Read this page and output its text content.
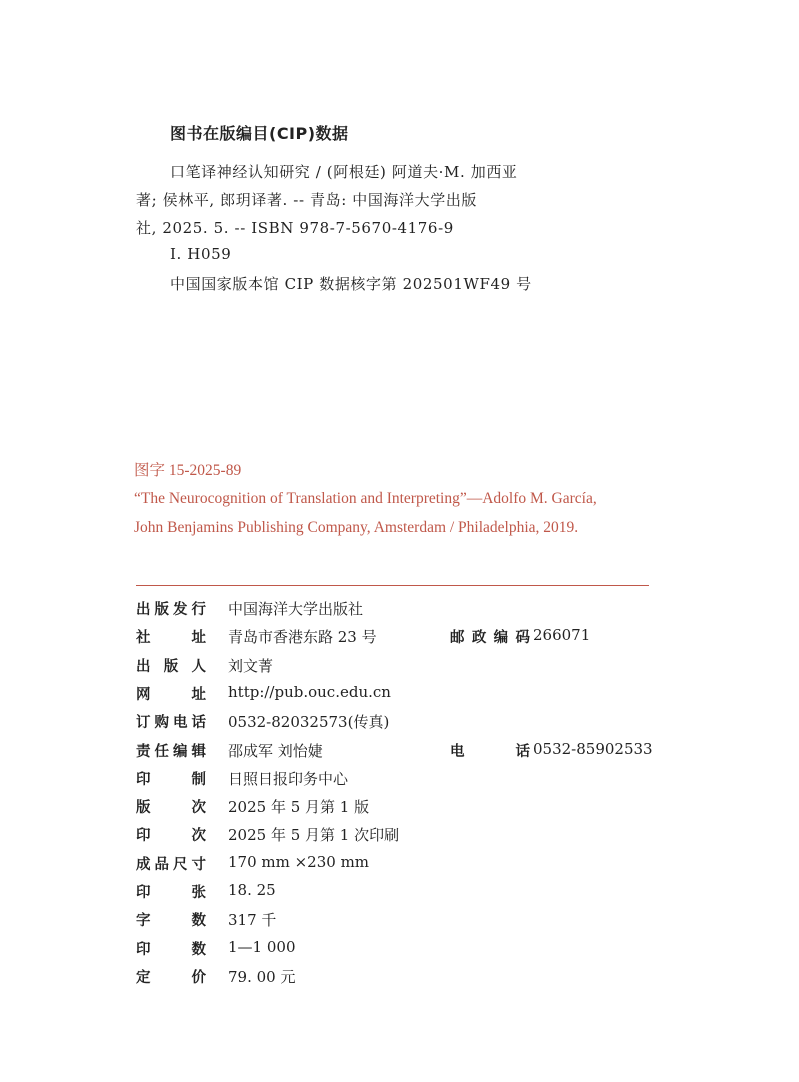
图书在版编目(CIP)数据
口笔译神经认知研究 / (阿根廷) 阿道夫·M. 加西亚
著; 侯林平, 郎玥译著. -- 青岛: 中国海洋大学出版
社, 2025. 5. -- ISBN 978-7-5670-4176-9
Ⅰ. H059
中国国家版本馆 CIP 数据核字第 202501WF49 号
图字 15-2025-89
“The Neurocognition of Translation and Interpreting”—Adolfo M. García,
John Benjamins Publishing Company, Amsterdam / Philadelphia, 2019.
出 版 发 行 中国海洋大学出版社
社	址 青岛市香港东路 23 号	邮 政 编 码 266071
出 版 人 刘文菁
网	址 http://pub.ouc.edu.cn
订 购 电 话 0532-82032573(传真)
责 任 编 辑 邵成军 刘怡婕	电	话 0532-85902533
印	制 日照日报印务中心
版	次 2025 年 5 月第 1 版
印	次 2025 年 5 月第 1 次印刷
成 品 尺 寸 170 mm ×230 mm
印	张 18. 25
字	数 317 千
印	数 1—1 000
定	价 79. 00 元
